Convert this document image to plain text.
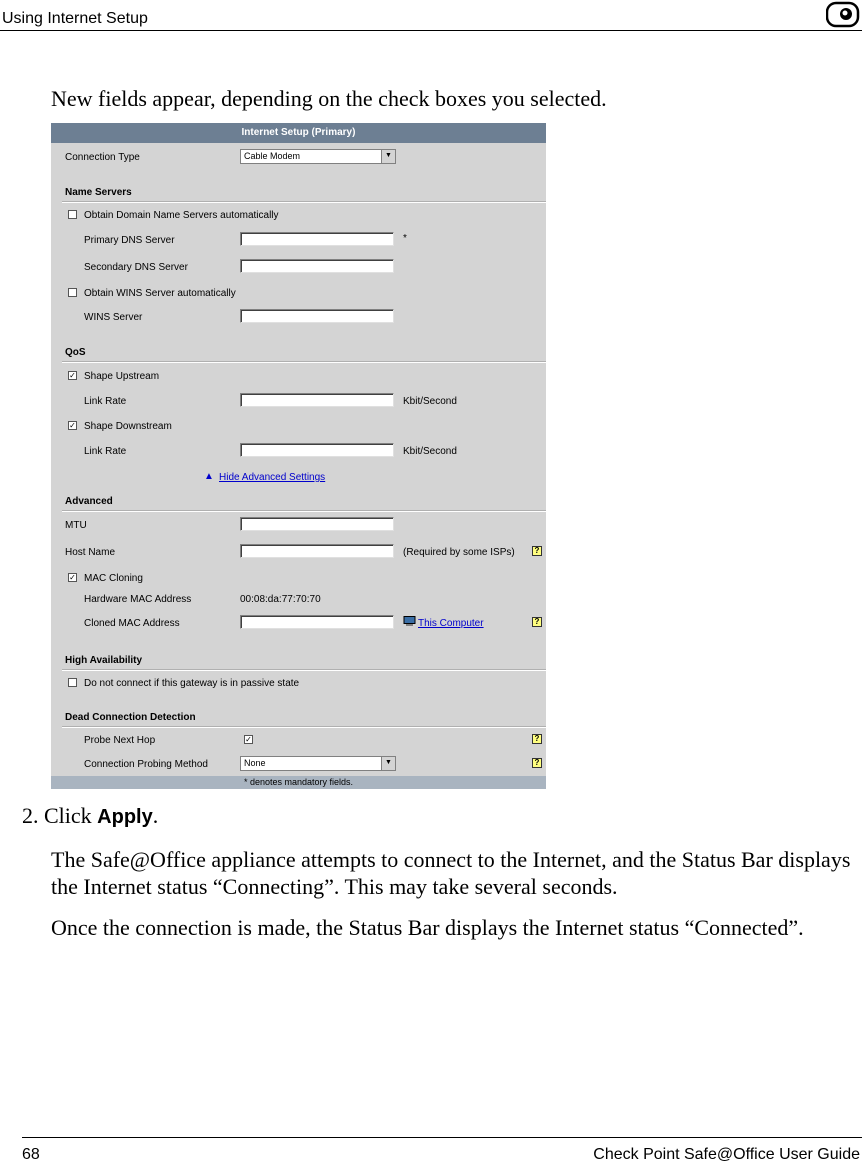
Using Internet Setup
New fields appear, depending on the check boxes you selected.
Internet Setup (Primary)
Connection Type	Cable Modem	▼
Name Servers
Obtain Domain Name Servers automatically
Primary DNS Server	*
Secondary DNS Server
Obtain WINS Server automatically
WINS Server
QoS
✓ Shape Upstream
Link Rate	Kbit/Second
✓ Shape Downstream
Link Rate	Kbit/Second
▲ Hide Advanced Settings
Advanced
MTU
Host Name	(Required by some ISPs)	?
✓ MAC Cloning
Hardware MAC Address	00:08:da:77:70:70
Cloned MAC Address	This Computer	?
High Availability
Do not connect if this gateway is in passive state
Dead Connection Detection
Probe Next Hop	✓	?
Connection Probing Method	None	▼	?
* denotes mandatory fields.
2. Click Apply.
The Safe@Office appliance attempts to connect to the Internet, and the Status Bar displays the Internet status “Connecting”. This may take several seconds.
Once the connection is made, the Status Bar displays the Internet status “Connected”.
68	Check Point Safe@Office User Guide
